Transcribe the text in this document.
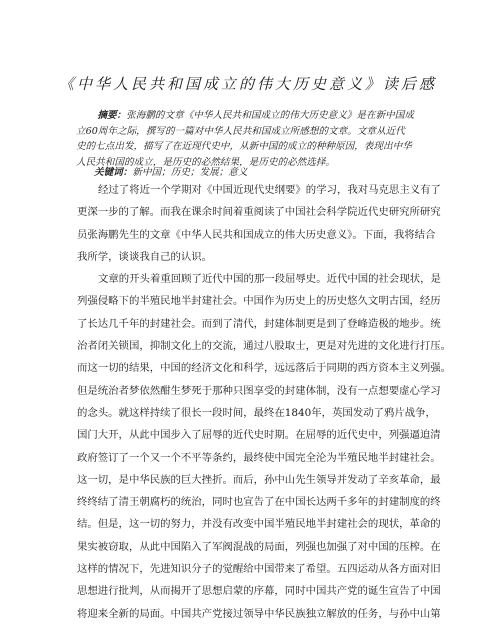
《中华人民共和国成立的伟大历史意义》读后感
摘要：张海鹏的文章《中华人民共和国成立的伟大历史意义》是在新中国成
立60周年之际，撰写的一篇对中华人民共和国成立所感想的文章。文章从近代
史的七点出发，描写了在近现代史中，从新中国的成立的种种原因，表现出中华
人民共和国的成立，是历史的必然结果，是历史的必然选择。
关键词：新中国；历史；发展；意义
经过了将近一个学期对《中国近现代史纲要》的学习，我对马克思主义有了
更深一步的了解。而我在课余时间着重阅读了中国社会科学院近代史研究所研究
员张海鹏先生的文章《中华人民共和国成立的伟大历史意义》。下面，我将结合
我所学，谈谈我自己的认识。
文章的开头着重回顾了近代中国的那一段屈辱史。近代中国的社会现状，是
列强侵略下的半殖民地半封建社会。中国作为历史上的历史悠久文明古国，经历
了长达几千年的封建社会。而到了清代，封建体制更是到了登峰造极的地步。统
治者闭关锁国，抑制文化上的交流，通过八股取士，更是对先进的文化进行打压。
而这一切的结果，中国的经济文化和科学，远远落后于同期的西方资本主义列强。
但是统治者梦依然酣生梦死于那种只图享受的封建体制，没有一点想要虚心学习
的念头。就这样持续了很长一段时间，最终在1840年，英国发动了鸦片战争，
国门大开，从此中国步入了屈辱的近代史时期。在屈辱的近代史中，列强逼迫清
政府签订了一个又一个不平等条约，最终使中国完全沦为半殖民地半封建社会。
这一切，是中华民族的巨大挫折。而后，孙中山先生领导并发动了辛亥革命，最
终终结了清王朝腐朽的统治，同时也宣告了在中国长达两千多年的封建制度的终
结。但是，这一切的努力，并没有改变中国半殖民地半封建社会的现状，革命的
果实被窃取，从此中国陷入了军阀混战的局面，列强也加强了对中国的压榨。在
这样的情况下，先进知识分子的觉醒给中国带来了希望。五四运动从各方面对旧
思想进行批判，从而揭开了思想启蒙的序幕，同时中国共产党的诞生宣告了中国
将迎来全新的局面。中国共产党接过领导中华民族独立解放的任务，与孙中山第
